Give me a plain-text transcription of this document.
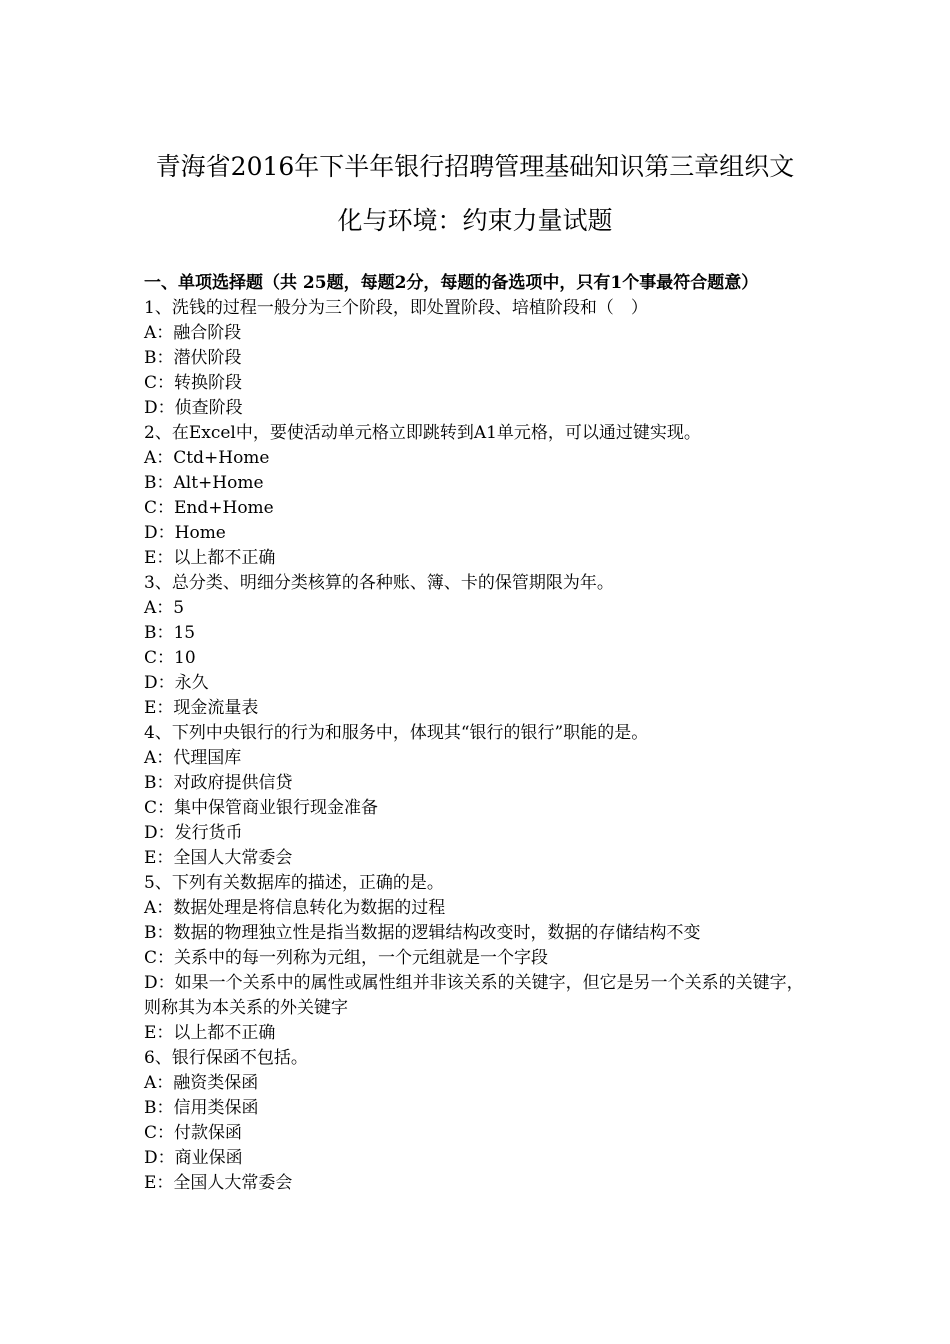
青海省2016年下半年银行招聘管理基础知识第三章组织文
化与环境：约束力量试题
一、单项选择题（共 25题，每题2分，每题的备选项中，只有1个事最符合题意）
1、洗钱的过程一般分为三个阶段，即处置阶段、培植阶段和（　）
A：融合阶段
B：潜伏阶段
C：转换阶段
D：侦查阶段
2、在Excel中，要使活动单元格立即跳转到A1单元格，可以通过键实现。
A：Ctd+Home
B：Alt+Home
C：End+Home
D：Home
E：以上都不正确
3、总分类、明细分类核算的各种账、簿、卡的保管期限为年。
A：5
B：15
C：10
D：永久
E：现金流量表
4、下列中央银行的行为和服务中，体现其“银行的银行”职能的是。
A：代理国库
B：对政府提供信贷
C：集中保管商业银行现金准备
D：发行货币
E：全国人大常委会
5、下列有关数据库的描述，正确的是。
A：数据处理是将信息转化为数据的过程
B：数据的物理独立性是指当数据的逻辑结构改变时，数据的存储结构不变
C：关系中的每一列称为元组，一个元组就是一个字段
D：如果一个关系中的属性或属性组并非该关系的关键字，但它是另一个关系的关键字，则称其为本关系的外关键字
E：以上都不正确
6、银行保函不包括。
A：融资类保函
B：信用类保函
C：付款保函
D：商业保函
E：全国人大常委会
